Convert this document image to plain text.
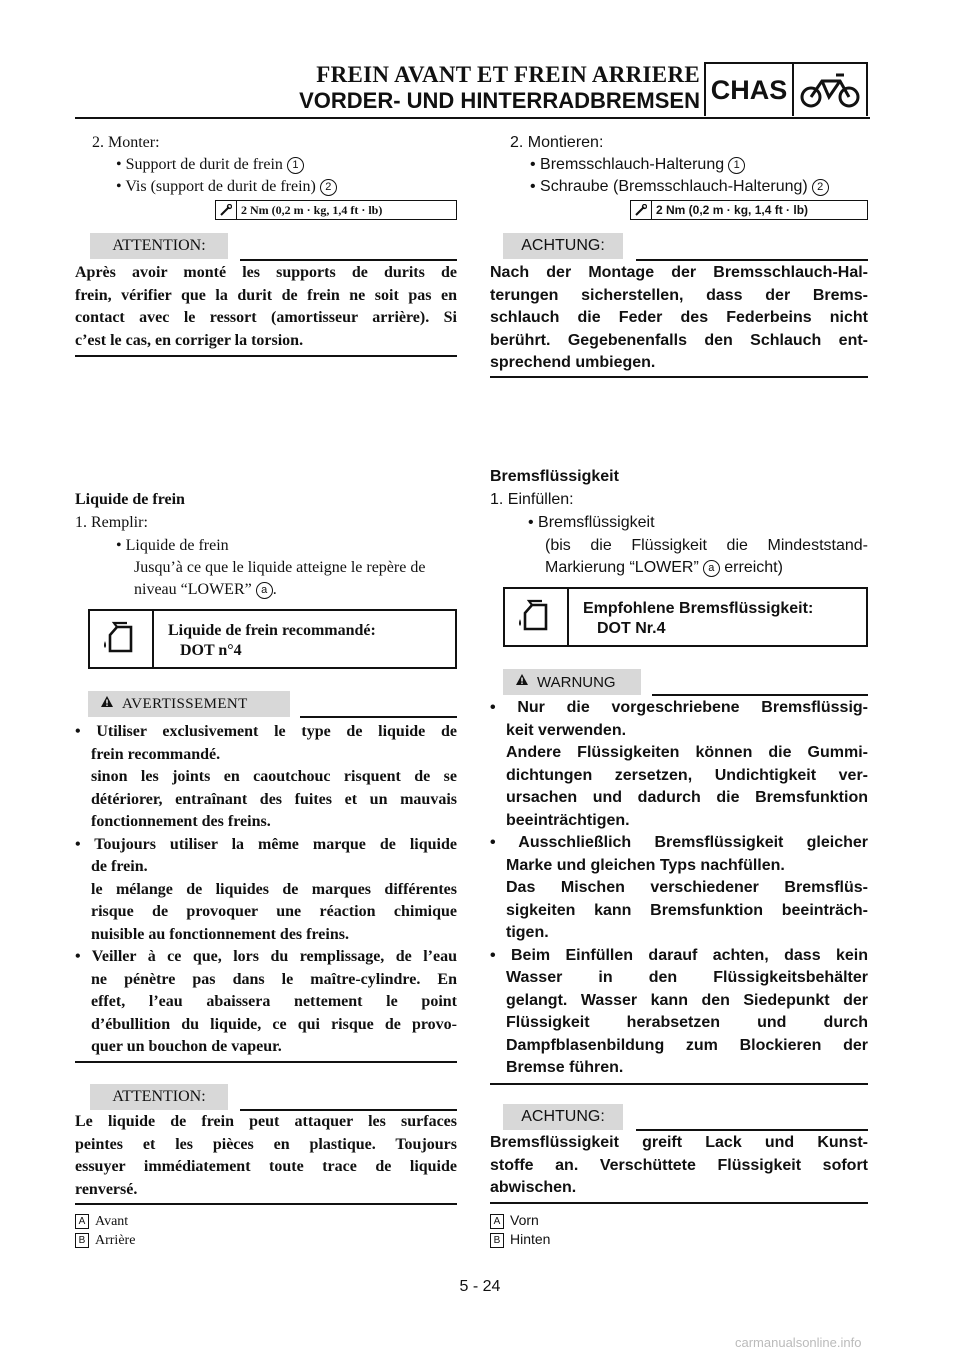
FREIN AVANT ET FREIN ARRIERE
VORDER- UND HINTERRADBREMSEN CHAS
2. Monter:
• Support de durit de frein 1
• Vis (support de durit de frein) 2
2 Nm (0,2 m · kg, 1,4 ft · lb)
ATTENTION:
Après avoir monté les supports de durits de
frein, vérifier que la durit de frein ne soit pas en
contact avec le ressort (amortisseur arrière). Si
c’est le cas, en corriger la torsion.
Liquide de frein
1. Remplir:
• Liquide de frein
Jusqu’à ce que le liquide atteigne le repère de
niveau “LOWER” a .
Liquide de frein recommandé:
DOT n°4
AVERTISSEMENT
• Utiliser exclusivement le type de liquide de
frein recommandé.
sinon les joints en caoutchouc risquent de se
détériorer, entraînant des fuites et un mauvais
fonctionnement des freins.
• Toujours utiliser la même marque de liquide
de frein.
le mélange de liquides de marques différentes
risque de provoquer une réaction chimique
nuisible au fonctionnement des freins.
• Veiller à ce que, lors du remplissage, de l’eau
ne pénètre pas dans le maître-cylindre. En
effet, l’eau abaissera nettement le point
d’ébullition du liquide, ce qui risque de provo-
quer un bouchon de vapeur.
ATTENTION:
Le liquide de frein peut attaquer les surfaces
peintes et les pièces en plastique. Toujours
essuyer immédiatement toute trace de liquide
renversé.
A Avant
B Arrière
2. Montieren:
• Bremsschlauch-Halterung 1
• Schraube (Bremsschlauch-Halterung) 2
2 Nm (0,2 m · kg, 1,4 ft · lb)
ACHTUNG:
Nach der Montage der Bremsschlauch-Hal-
terungen sicherstellen, dass der Brems-
schlauch die Feder des Federbeins nicht
berührt. Gegebenenfalls den Schlauch ent-
sprechend umbiegen.
Bremsflüssigkeit
1. Einfüllen:
• Bremsflüssigkeit
(bis die Flüssigkeit die Mindeststand-
Markierung “LOWER” a erreicht)
Empfohlene Bremsflüssigkeit:
DOT Nr.4
WARNUNG
• Nur die vorgeschriebene Bremsflüssig-
keit verwenden.
Andere Flüssigkeiten können die Gummi-
dichtungen zersetzen, Undichtigkeit ver-
ursachen und dadurch die Bremsfunktion
beeinträchtigen.
• Ausschließlich Bremsflüssigkeit gleicher
Marke und gleichen Typs nachfüllen.
Das Mischen verschiedener Bremsflüs-
sigkeiten kann Bremsfunktion beeinträch-
tigen.
• Beim Einfüllen darauf achten, dass kein
Wasser in den Flüssigkeitsbehälter
gelangt. Wasser kann den Siedepunkt der
Flüssigkeit herabsetzen und durch
Dampfblasenbildung zum Blockieren der
Bremse führen.
ACHTUNG:
Bremsflüssigkeit greift Lack und Kunst-
stoffe an. Verschüttete Flüssigkeit sofort
abwischen.
A Vorn
B Hinten
5 - 24
carmanualsonline.info
